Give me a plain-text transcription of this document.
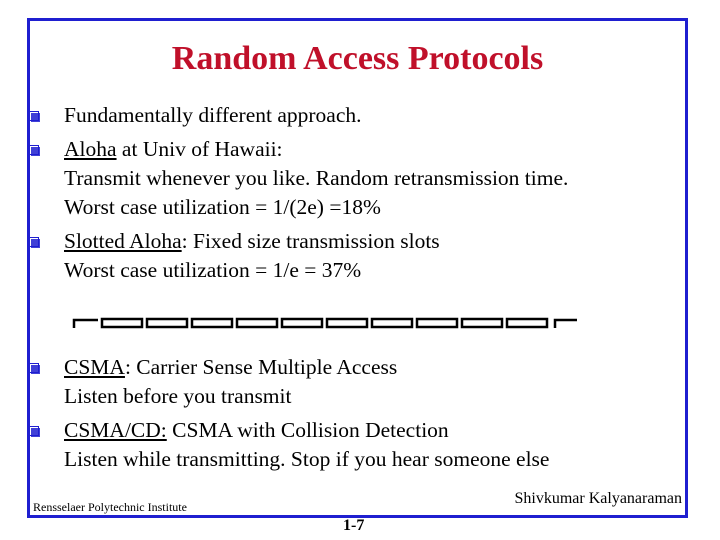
Random Access Protocols
Fundamentally different approach.
Aloha at Univ of Hawaii:
Transmit whenever you like. Random retransmission time.
Worst case utilization = 1/(2e) =18%
Slotted Aloha: Fixed size transmission slots
Worst case utilization = 1/e = 37%
CSMA: Carrier Sense Multiple Access
Listen before you transmit
CSMA/CD: CSMA with Collision Detection
Listen while transmitting. Stop if you hear someone else
Rensselaer Polytechnic Institute	Shivkumar Kalyanaraman
1-7
